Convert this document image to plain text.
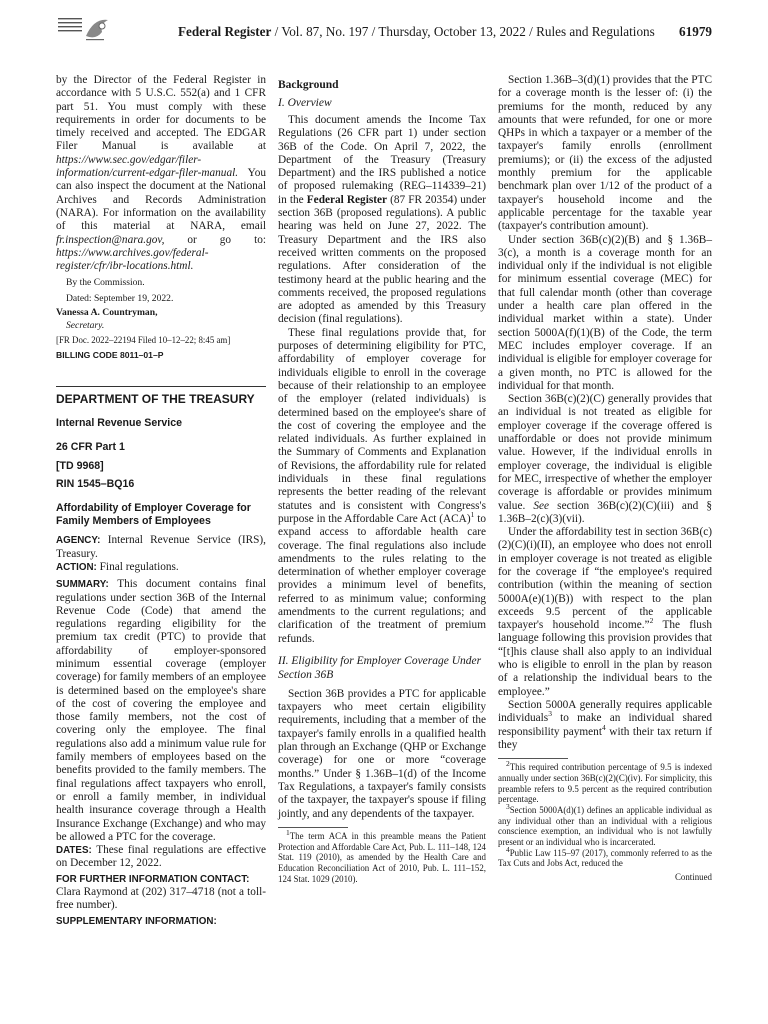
Federal Register / Vol. 87, No. 197 / Thursday, October 13, 2022 / Rules and Regulations 61979

by the Director of the Federal Register in accordance with 5 U.S.C. 552(a) and 1 CFR part 51. You must comply with these requirements in order for documents to be timely received and accepted. The EDGAR Filer Manual is available at https://www.sec.gov/edgar/filer-information/current-edgar-filer-manual. You can also inspect the document at the National Archives and Records Administration (NARA). For information on the availability of this material at NARA, email fr.inspection@nara.gov, or go to: https://www.archives.gov/federal-register/cfr/ibr-locations.html.

By the Commission.

Dated: September 19, 2022.

Vanessa A. Countryman,

Secretary.

[FR Doc. 2022–22194 Filed 10–12–22; 8:45 am]

BILLING CODE 8011–01–P

DEPARTMENT OF THE TREASURY
Internal Revenue Service
26 CFR Part 1
[TD 9968]
RIN 1545–BQ16
Affordability of Employer Coverage for Family Members of Employees

AGENCY: Internal Revenue Service (IRS), Treasury.

ACTION: Final regulations.

SUMMARY: This document contains final regulations under section 36B of the Internal Revenue Code (Code) that amend the regulations regarding eligibility for the premium tax credit (PTC) to provide that affordability of employer-sponsored minimum essential coverage (employer coverage) for family members of an employee is determined based on the employee's share of the cost of covering the employee and those family members, not the cost of covering only the employee. The final regulations also add a minimum value rule for family members of employees based on the benefits provided to the family members. The final regulations affect taxpayers who enroll, or enroll a family member, in individual health insurance coverage through a Health Insurance Exchange (Exchange) and who may be allowed a PTC for the coverage.

DATES: These final regulations are effective on December 12, 2022.

FOR FURTHER INFORMATION CONTACT:

Clara Raymond at (202) 317–4718 (not a toll-free number).

SUPPLEMENTARY INFORMATION:

Background
I. Overview

This document amends the Income Tax Regulations (26 CFR part 1) under section 36B of the Code. On April 7, 2022, the Department of the Treasury (Treasury Department) and the IRS published a notice of proposed rulemaking (REG–114339–21) in the Federal Register (87 FR 20354) under section 36B (proposed regulations). A public hearing was held on June 27, 2022. The Treasury Department and the IRS also received written comments on the proposed regulations. After consideration of the testimony heard at the public hearing and the comments received, the proposed regulations are adopted as amended by this Treasury decision (final regulations).

These final regulations provide that, for purposes of determining eligibility for PTC, affordability of employer coverage for individuals eligible to enroll in the coverage because of their relationship to an employee of the employer (related individuals) is determined based on the employee's share of the cost of covering the employee and the related individuals. As further explained in the Summary of Comments and Explanation of Revisions, the affordability rule for related individuals in these final regulations represents the better reading of the relevant statutes and is consistent with Congress's purpose in the Affordable Care Act (ACA)$^1$ to expand access to affordable health care coverage. The final regulations also include amendments to the rules relating to the determination of whether employer coverage provides a minimum level of benefits, referred to as minimum value; conforming amendments to the current regulations; and clarification of the treatment of premium refunds.

II. Eligibility for Employer Coverage Under Section 36B

Section 36B provides a PTC for applicable taxpayers who meet certain eligibility requirements, including that a member of the taxpayer's family enrolls in a qualified health plan through an Exchange (QHP or Exchange coverage) for one or more “coverage months.” Under § 1.36B–1(d) of the Income Tax Regulations, a taxpayer's family consists of the taxpayer, the taxpayer's spouse if filing jointly, and any dependents of the taxpayer.

$^1$The term ACA in this preamble means the Patient Protection and Affordable Care Act, Pub. L. 111–148, 124 Stat. 119 (2010), as amended by the Health Care and Education Reconciliation Act of 2010, Pub. L. 111–152, 124 Stat. 1029 (2010).

Section 1.36B–3(d)(1) provides that the PTC for a coverage month is the lesser of: (i) the premiums for the month, reduced by any amounts that were refunded, for one or more QHPs in which a taxpayer or a member of the taxpayer's family enrolls (enrollment premiums); or (ii) the excess of the adjusted monthly premium for the applicable benchmark plan over 1/12 of the product of a taxpayer's household income and the applicable percentage for the taxable year (taxpayer's contribution amount).

Under section 36B(c)(2)(B) and § 1.36B–3(c), a month is a coverage month for an individual only if the individual is not eligible for minimum essential coverage (MEC) for that full calendar month (other than coverage under a health care plan offered in the individual market within a state). Under section 5000A(f)(1)(B) of the Code, the term MEC includes employer coverage. If an individual is eligible for employer coverage for a given month, no PTC is allowed for the individual for that month.

Section 36B(c)(2)(C) generally provides that an individual is not treated as eligible for employer coverage if the coverage offered is unaffordable or does not provide minimum value. However, if the individual enrolls in employer coverage, the individual is eligible for MEC, irrespective of whether the employer coverage is affordable or provides minimum value. See section 36B(c)(2)(C)(iii) and § 1.36B–2(c)(3)(vii).

Under the affordability test in section 36B(c)(2)(C)(i)(II), an employee who does not enroll in employer coverage is not treated as eligible for the coverage if “the employee's required contribution (within the meaning of section 5000A(e)(1)(B)) with respect to the plan exceeds 9.5 percent of the applicable taxpayer's household income.”$^2$ The flush language following this provision provides that “[t]his clause shall also apply to an individual who is eligible to enroll in the plan by reason of a relationship the individual bears to the employee.”

Section 5000A generally requires applicable individuals$^3$ to make an individual shared responsibility payment$^4$ with their tax return if they

$^2$This required contribution percentage of 9.5 is indexed annually under section 36B(c)(2)(C)(iv). For simplicity, this preamble refers to 9.5 percent as the required contribution percentage.

$^3$Section 5000A(d)(1) defines an applicable individual as any individual other than an individual with a religious conscience exemption, an individual who is not lawfully present or an individual who is incarcerated.

$^4$Public Law 115–97 (2017), commonly referred to as the Tax Cuts and Jobs Act, reduced the

Continued
